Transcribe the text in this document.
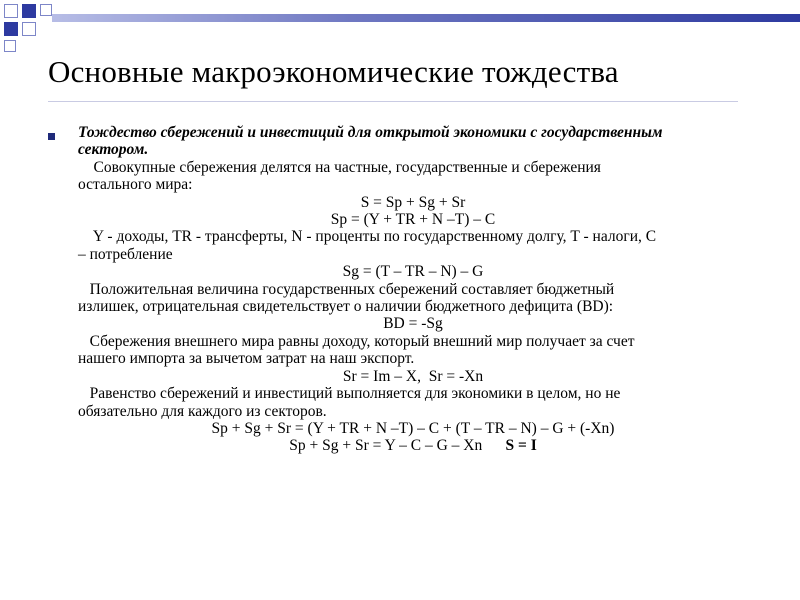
Основные макроэкономические тождества
Тождество сбережений и инвестиций для открытой экономики с государственным
сектором.
Совокупные сбережения делятся на частные, государственные и сбережения
остального мира:
S = Sp + Sg + Sr
Sp = (Y + TR + N –T) – C
Y - доходы, TR - трансферты, N - проценты по государственному долгу, T - налоги, C
– потребление
Sg = (T – TR – N) – G
Положительная величина государственных сбережений составляет бюджетный
излишек, отрицательная свидетельствует о наличии бюджетного дефицита (BD):
BD = -Sg
Сбережения внешнего мира равны доходу, который внешний мир получает за счет
нашего импорта за вычетом затрат на наш экспорт.
Sr = Im – X,  Sr = -Xn
Равенство сбережений и инвестиций выполняется для экономики в целом, но не
обязательно для каждого из секторов.
Sp + Sg + Sr = (Y + TR + N –T) – C + (T – TR – N) – G + (-Xn)
Sp + Sg + Sr = Y – C – G – Xn      S = I
